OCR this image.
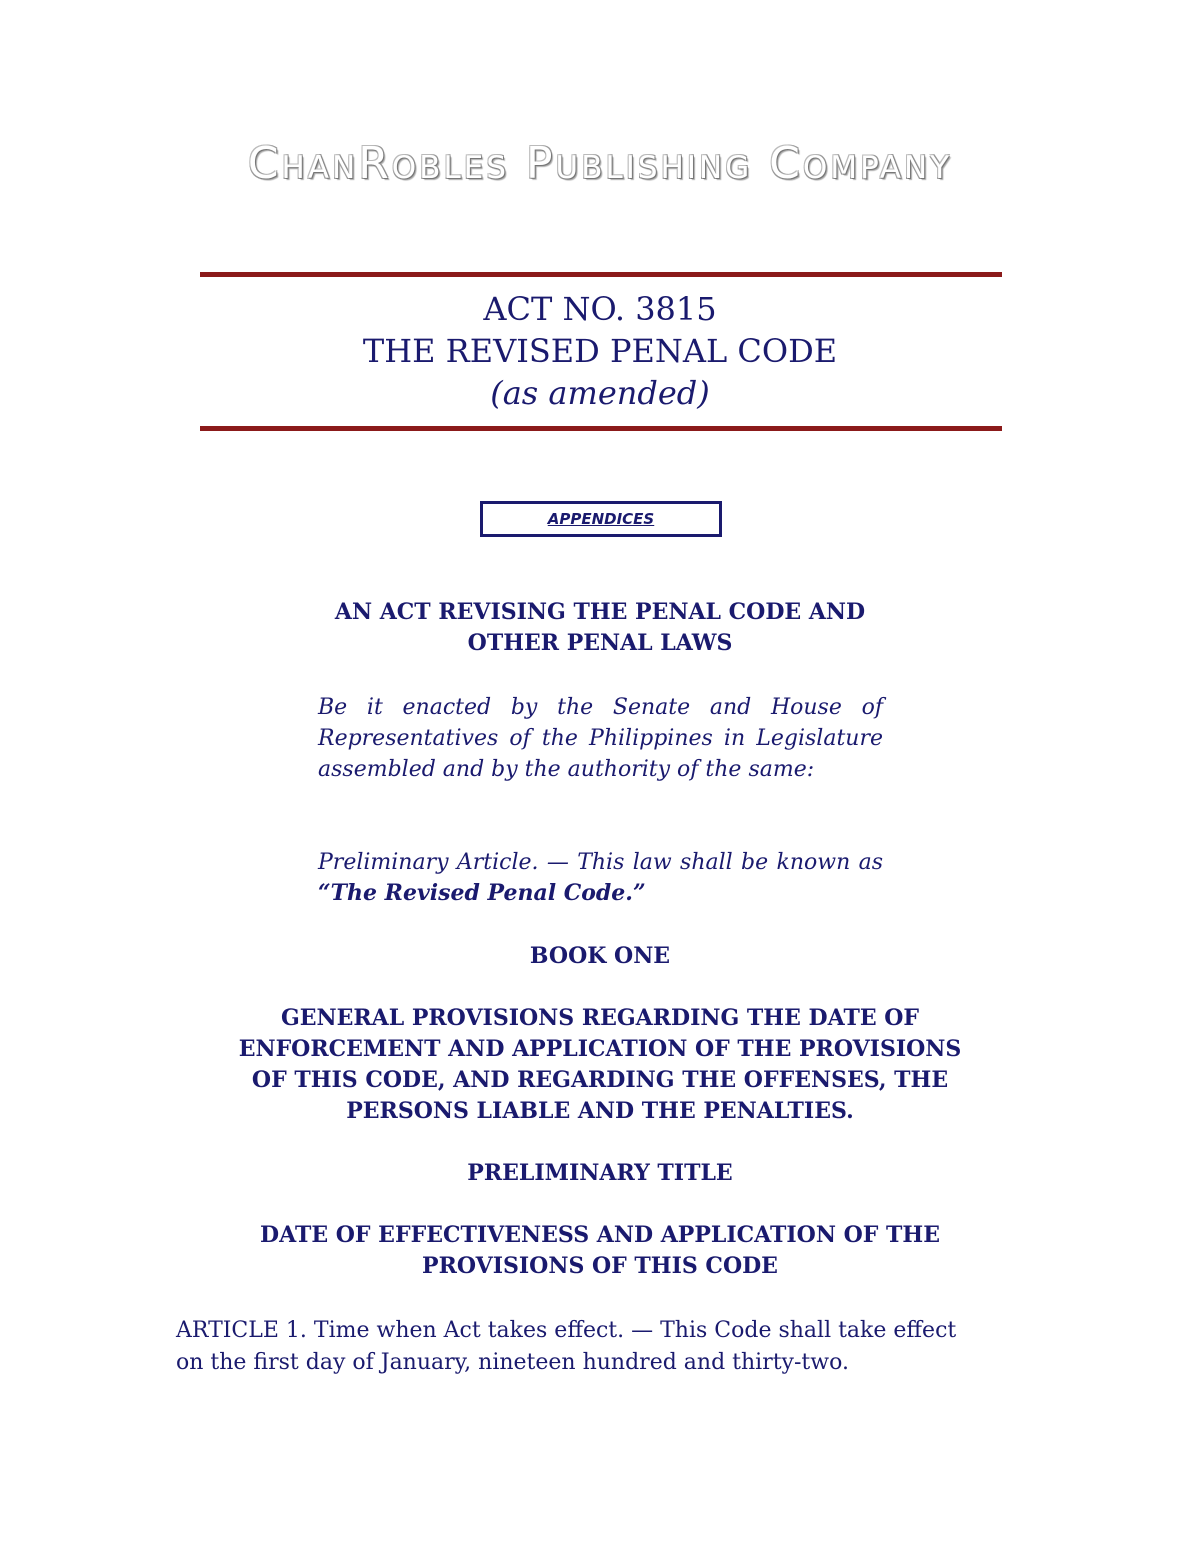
ChanRobles Publishing Company
ACT NO. 3815
THE REVISED PENAL CODE
(as amended)
APPENDICES
AN ACT REVISING THE PENAL CODE AND
OTHER PENAL LAWS
Be it enacted by the Senate and House of Representatives of the Philippines in Legislature assembled and by the authority of the same:
Preliminary Article. — This law shall be known as “The Revised Penal Code.”
BOOK ONE
GENERAL PROVISIONS REGARDING THE DATE OF
ENFORCEMENT AND APPLICATION OF THE PROVISIONS
OF THIS CODE, AND REGARDING THE OFFENSES, THE
PERSONS LIABLE AND THE PENALTIES.
PRELIMINARY TITLE
DATE OF EFFECTIVENESS AND APPLICATION OF THE
PROVISIONS OF THIS CODE
ARTICLE 1. Time when Act takes effect. — This Code shall take effect
on the first day of January, nineteen hundred and thirty-two.
